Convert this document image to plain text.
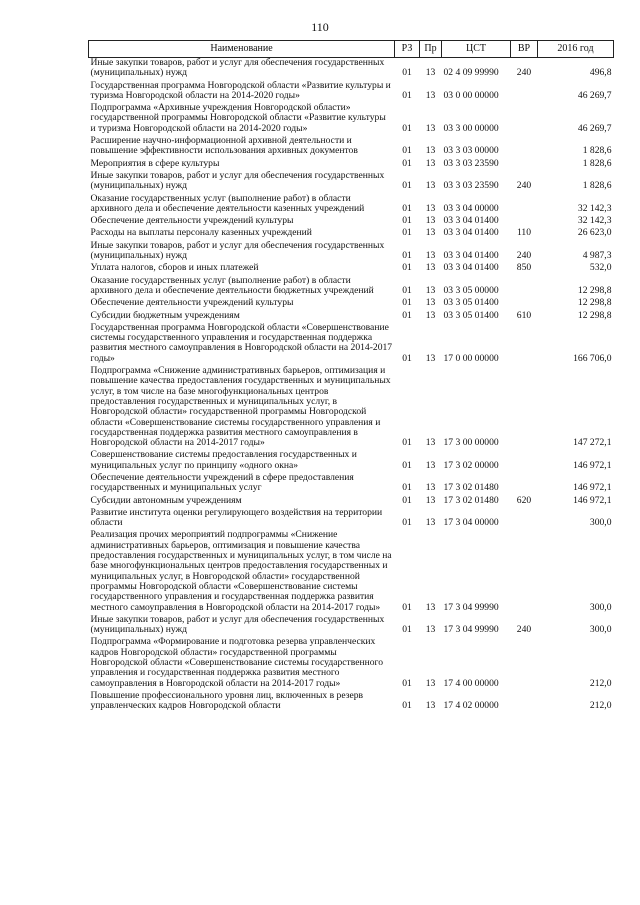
110
Наименование	РЗ	Пр	ЦСТ	ВР	2016 год
Иные закупки товаров, работ и услуг для обеспечения государственных (муниципальных) нужд	01	13	02 4 09 99990	240	496,8
Государственная программа Новгородской области «Развитие культуры и туризма Новгородской области на 2014-2020 годы»	01	13	03 0 00 00000		46 269,7
Подпрограмма «Архивные учреждения Новгородской области» государственной программы Новгородской области «Развитие культуры и туризма Новгородской области на 2014-2020 годы»	01	13	03 3 00 00000		46 269,7
Расширение научно-информационной архивной деятельности и повышение эффективности использования архивных документов	01	13	03 3 03 00000		1 828,6
Мероприятия в сфере культуры	01	13	03 3 03 23590		1 828,6
Иные закупки товаров, работ и услуг для обеспечения государственных (муниципальных) нужд	01	13	03 3 03 23590	240	1 828,6
Оказание государственных услуг (выполнение работ) в области архивного дела и обеспечение деятельности казенных учреждений	01	13	03 3 04 00000		32 142,3
Обеспечение деятельности учреждений культуры	01	13	03 3 04 01400		32 142,3
Расходы на выплаты персоналу казенных учреждений	01	13	03 3 04 01400	110	26 623,0
Иные закупки товаров, работ и услуг для обеспечения государственных (муниципальных) нужд	01	13	03 3 04 01400	240	4 987,3
Уплата налогов, сборов и иных платежей	01	13	03 3 04 01400	850	532,0
Оказание государственных услуг (выполнение работ) в области архивного дела и обеспечение деятельности бюджетных учреждений	01	13	03 3 05 00000		12 298,8
Обеспечение деятельности учреждений культуры	01	13	03 3 05 01400		12 298,8
Субсидии бюджетным учреждениям	01	13	03 3 05 01400	610	12 298,8
Государственная программа Новгородской области «Совершенствование системы государственного управления и государственная поддержка развития местного самоуправления в Новгородской области на 2014-2017 годы»	01	13	17 0 00 00000		166 706,0
Подпрограмма «Снижение административных барьеров, оптимизация и повышение качества предоставления государственных и муниципальных услуг, в том числе на базе многофункциональных центров предоставления государственных и муниципальных услуг, в Новгородской области» государственной программы Новгородской области «Совершенствование системы государственного управления и государственная поддержка развития местного самоуправления в Новгородской области на 2014-2017 годы»	01	13	17 3 00 00000		147 272,1
Совершенствование системы предоставления государственных и муниципальных услуг по принципу «одного окна»	01	13	17 3 02 00000		146 972,1
Обеспечение деятельности учреждений в сфере предоставления государственных и муниципальных услуг	01	13	17 3 02 01480		146 972,1
Субсидии автономным учреждениям	01	13	17 3 02 01480	620	146 972,1
Развитие института оценки регулирующего воздействия на территории области	01	13	17 3 04 00000		300,0
Реализация прочих мероприятий подпрограммы «Снижение административных барьеров, оптимизация и повышение качества предоставления государственных и муниципальных услуг, в том числе на базе многофункциональных центров предоставления государственных и муниципальных услуг, в Новгородской области» государственной программы Новгородской области «Совершенствование системы государственного управления и государственная поддержка развития местного самоуправления в Новгородской области на 2014-2017 годы»	01	13	17 3 04 99990		300,0
Иные закупки товаров, работ и услуг для обеспечения государственных (муниципальных) нужд	01	13	17 3 04 99990	240	300,0
Подпрограмма «Формирование и подготовка резерва управленческих кадров Новгородской области» государственной программы Новгородской области «Совершенствование системы государственного управления и государственная поддержка развития местного самоуправления в Новгородской области на 2014-2017 годы»	01	13	17 4 00 00000		212,0
Повышение профессионального уровня лиц, включенных в резерв управленческих кадров Новгородской области	01	13	17 4 02 00000		212,0
